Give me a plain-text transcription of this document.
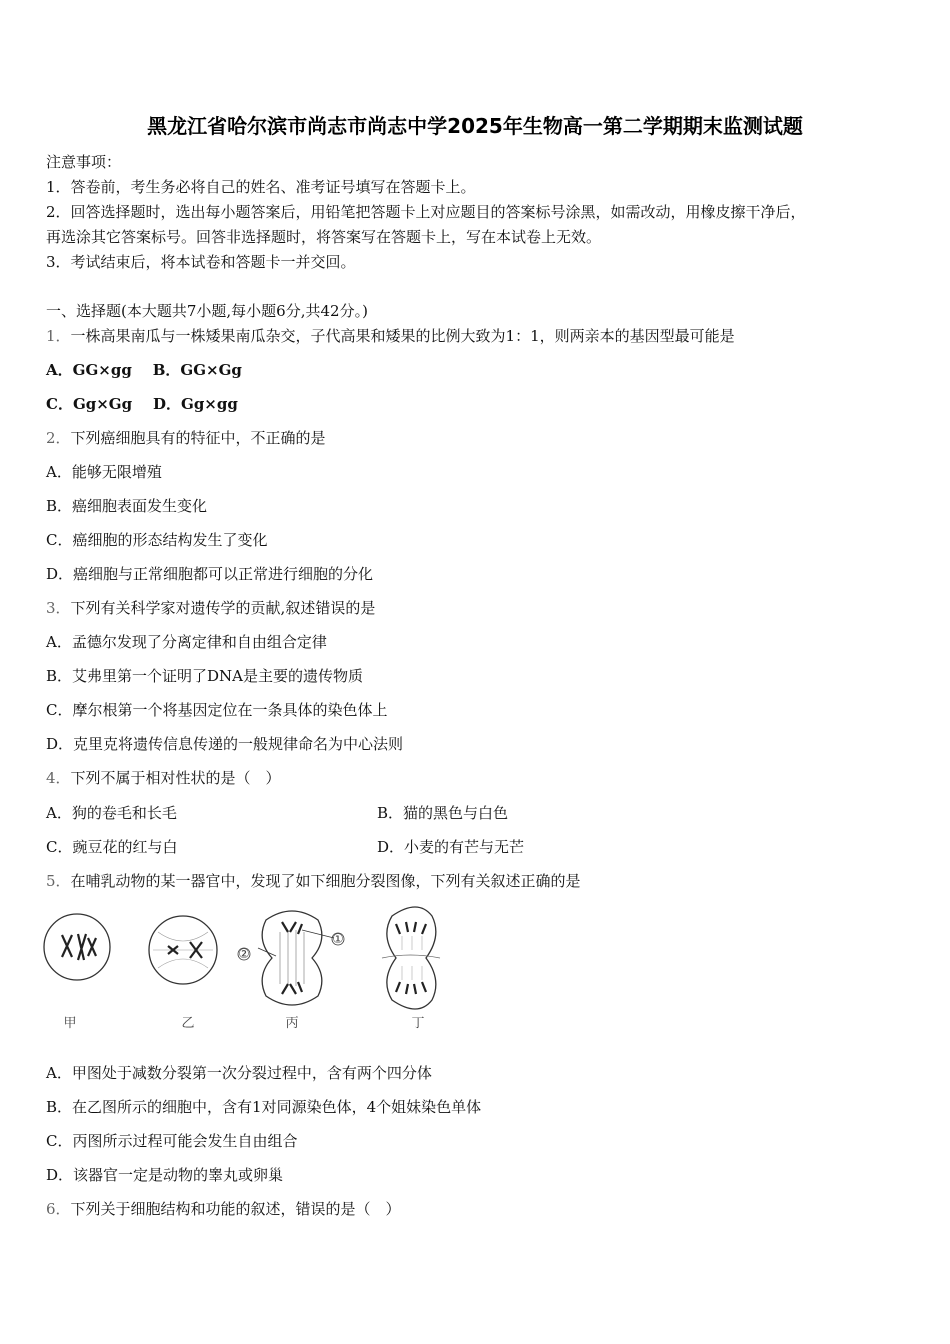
黑龙江省哈尔滨市尚志市尚志中学2025年生物高一第二学期期末监测试题
注意事项：
1．答卷前，考生务必将自己的姓名、准考证号填写在答题卡上。
2．回答选择题时，选出每小题答案后，用铅笔把答题卡上对应题目的答案标号涂黑，如需改动，用橡皮擦干净后，
再选涂其它答案标号。回答非选择题时，将答案写在答题卡上，写在本试卷上无效。
3．考试结束后，将本试卷和答题卡一并交回。
一、选择题(本大题共7小题,每小题6分,共42分。)
1．一株高果南瓜与一株矮果南瓜杂交，子代高果和矮果的比例大致为1：1，则两亲本的基因型最可能是
A．GG×gg B．GG×Gg
C．Gg×Gg D．Gg×gg
2．下列癌细胞具有的特征中，不正确的是
A．能够无限增殖
B．癌细胞表面发生变化
C．癌细胞的形态结构发生了变化
D．癌细胞与正常细胞都可以正常进行细胞的分化
3．下列有关科学家对遗传学的贡献,叙述错误的是
A．孟德尔发现了分离定律和自由组合定律
B．艾弗里第一个证明了DNA是主要的遗传物质
C．摩尔根第一个将基因定位在一条具体的染色体上
D．克里克将遗传信息传递的一般规律命名为中心法则
4．下列不属于相对性状的是（　）
A．狗的卷毛和长毛	B．猫的黑色与白色
C．豌豆花的红与白	D．小麦的有芒与无芒
5．在哺乳动物的某一器官中，发现了如下细胞分裂图像，下列有关叙述正确的是
①
②
甲	乙	丙	丁
A．甲图处于减数分裂第一次分裂过程中，含有两个四分体
B．在乙图所示的细胞中，含有1对同源染色体，4个姐妹染色单体
C．丙图所示过程可能会发生自由组合
D．该器官一定是动物的睾丸或卵巢
6．下列关于细胞结构和功能的叙述，错误的是（　）
